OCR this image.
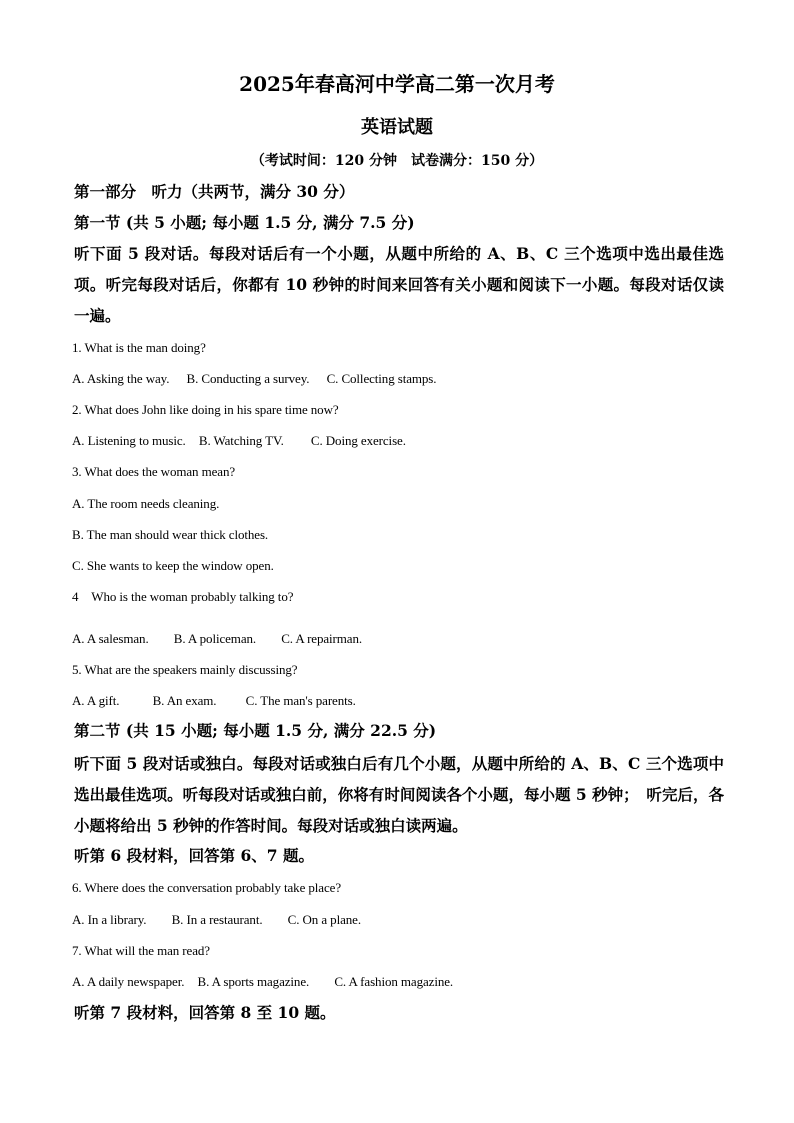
2025年春高河中学高二第一次月考
英语试题
（考试时间：120 分钟　试卷满分：150 分）
第一部分　听力（共两节，满分 30 分）
第一节 (共 5 小题; 每小题 1.5 分, 满分 7.5 分)
听下面 5 段对话。每段对话后有一个小题，从题中所给的 A、B、C 三个选项中选出最佳选项。听完每段对话后，你都有 10 秒钟的时间来回答有关小题和阅读下一小题。每段对话仅读一遍。
1. What is the man doing?
A. Asking the way. B. Conducting a survey. C. Collecting stamps.
2. What does John like doing in his spare time now?
A. Listening to music. B. Watching TV. C. Doing exercise.
3. What does the woman mean?
A. The room needs cleaning.
B. The man should wear thick clothes.
C. She wants to keep the window open.
4　Who is the woman probably talking to?
A. A salesman. B. A policeman. C. A repairman.
5. What are the speakers mainly discussing?
A. A gift.	B. An exam. C. The man's parents.
第二节 (共 15 小题; 每小题 1.5 分, 满分 22.5 分)
听下面 5 段对话或独白。每段对话或独白后有几个小题，从题中所给的 A、B、C 三个选项中选出最佳选项。听每段对话或独白前，你将有时间阅读各个小题，每小题 5 秒钟；　听完后，各小题将给出 5 秒钟的作答时间。每段对话或独白读两遍。
听第 6 段材料，回答第 6、7 题。
6. Where does the conversation probably take place?
A. In a library. B. In a restaurant. C. On a plane.
7. What will the man read?
A. A daily newspaper. B. A sports magazine. C. A fashion magazine.
听第 7 段材料，回答第 8 至 10 题。
